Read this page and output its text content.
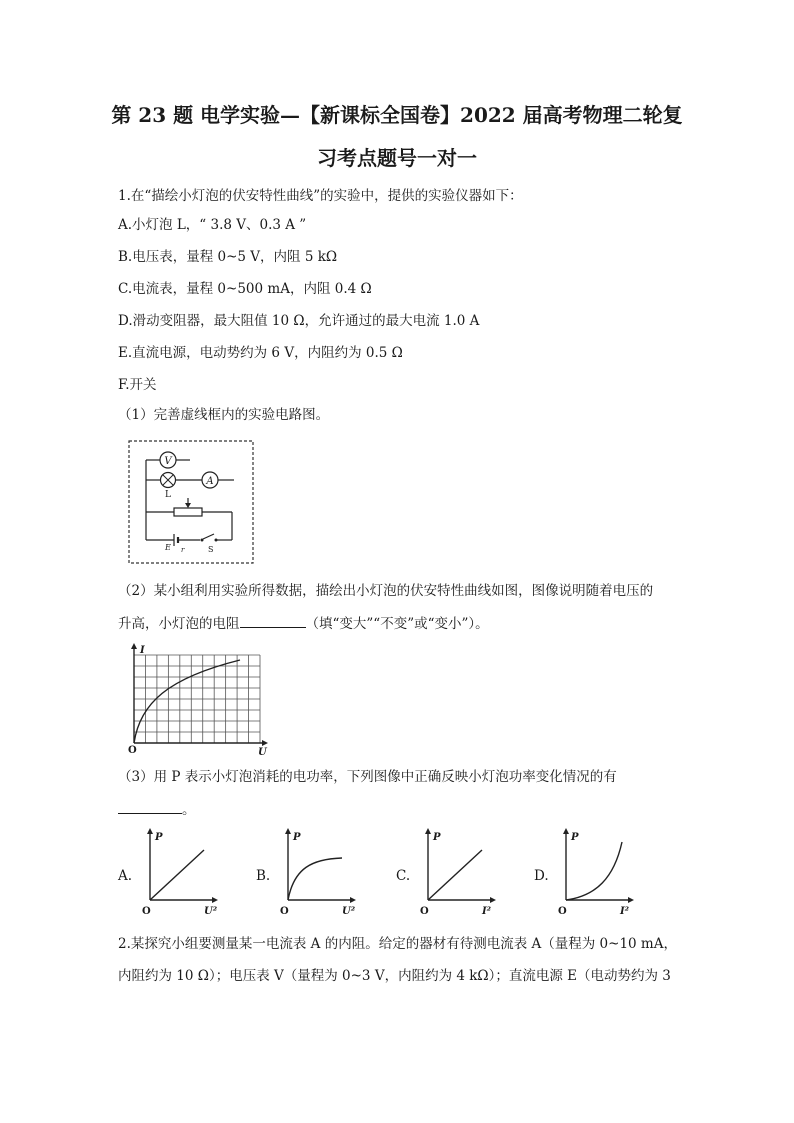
第 23 题 电学实验—【新课标全国卷】2022 届高考物理二轮复
习考点题号一对一
1.在“描绘小灯泡的伏安特性曲线”的实验中，提供的实验仪器如下：
A.小灯泡 L，“ 3.8 V、0.3 A ”
B.电压表，量程 0~5 V，内阻 5 kΩ
C.电流表，量程 0~500 mA，内阻 0.4 Ω
D.滑动变阻器，最大阻值 10 Ω，允许通过的最大电流 1.0 A
E.直流电源，电动势约为 6 V，内阻约为 0.5 Ω
F.开关
（1）完善虚线框内的实验电路图。
V
L
A
E r	S
（2）某小组利用实验所得数据，描绘出小灯泡的伏安特性曲线如图，图像说明随着电压的
升高，小灯泡的电阻	（填“变大”“不变”或“变小”）。
I
U
O
（3）用 P 表示小灯泡消耗的电功率，下列图像中正确反映小灯泡功率变化情况的有
。
A.
P
U²
O
B.
P
U²
O
C.
P
I²
O
D.
P
I²
O
2.某探究小组要测量某一电流表 A 的内阻。给定的器材有待测电流表 A（量程为 0~10 mA，
内阻约为 10 Ω）；电压表 V（量程为 0~3 V，内阻约为 4 kΩ）；直流电源 E（电动势约为 3
